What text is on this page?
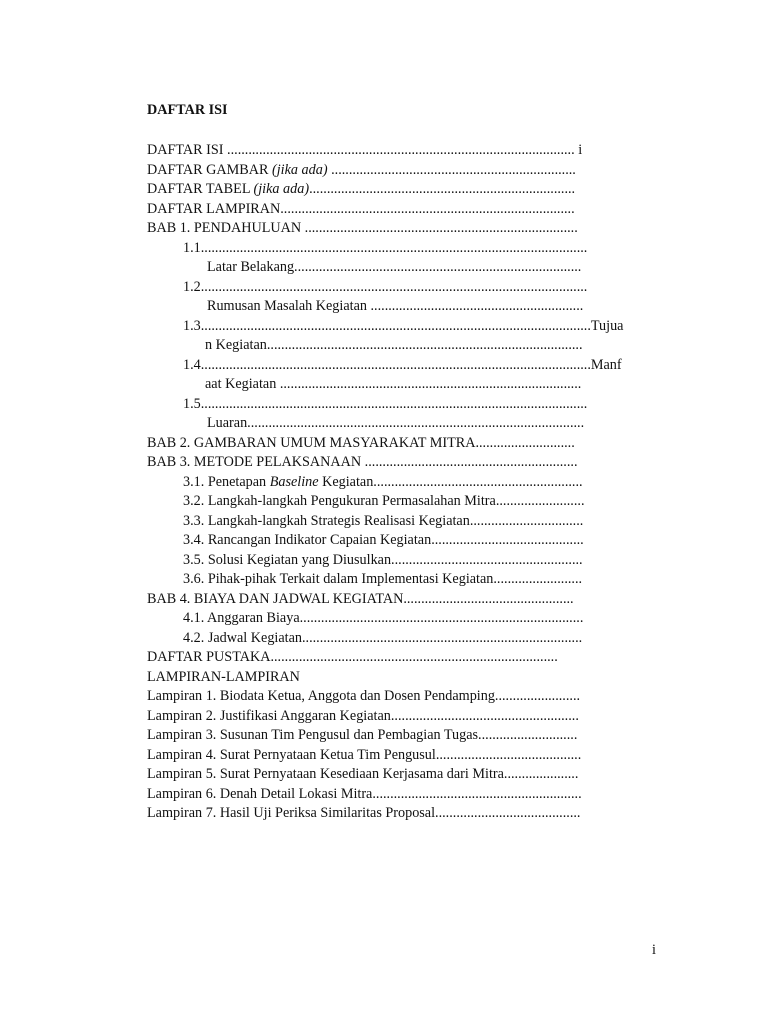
DAFTAR ISI
DAFTAR ISI .................................................................................................. i
DAFTAR GAMBAR (jika ada) .....................................................................
DAFTAR TABEL (jika ada)...........................................................................
DAFTAR LAMPIRAN...................................................................................
BAB 1. PENDAHULUAN .............................................................................
1.1.............................................................................................................
Latar Belakang.................................................................................
1.2.............................................................................................................
Rumusan Masalah Kegiatan ............................................................
1.3..............................................................................................................Tujua
n Kegiatan.........................................................................................
1.4..............................................................................................................Manf
aat Kegiatan .....................................................................................
1.5.............................................................................................................
Luaran...............................................................................................
BAB 2. GAMBARAN UMUM MASYARAKAT MITRA............................
BAB 3. METODE PELAKSANAAN ............................................................
3.1. Penetapan Baseline Kegiatan...........................................................
3.2. Langkah-langkah Pengukuran Permasalahan Mitra.........................
3.3. Langkah-langkah Strategis Realisasi Kegiatan................................
3.4. Rancangan Indikator Capaian Kegiatan...........................................
3.5. Solusi Kegiatan yang Diusulkan......................................................
3.6. Pihak-pihak Terkait dalam Implementasi Kegiatan.........................
BAB 4. BIAYA DAN JADWAL KEGIATAN................................................
4.1. Anggaran Biaya................................................................................
4.2. Jadwal Kegiatan...............................................................................
DAFTAR PUSTAKA.................................................................................
LAMPIRAN-LAMPIRAN
Lampiran 1. Biodata Ketua, Anggota dan Dosen Pendamping........................
Lampiran 2. Justifikasi Anggaran Kegiatan.....................................................
Lampiran 3. Susunan Tim Pengusul dan Pembagian Tugas............................
Lampiran 4. Surat Pernyataan Ketua Tim Pengusul.........................................
Lampiran 5. Surat Pernyataan Kesediaan Kerjasama dari Mitra.....................
Lampiran 6. Denah Detail Lokasi Mitra...........................................................
Lampiran 7. Hasil Uji Periksa Similaritas Proposal.........................................
i
